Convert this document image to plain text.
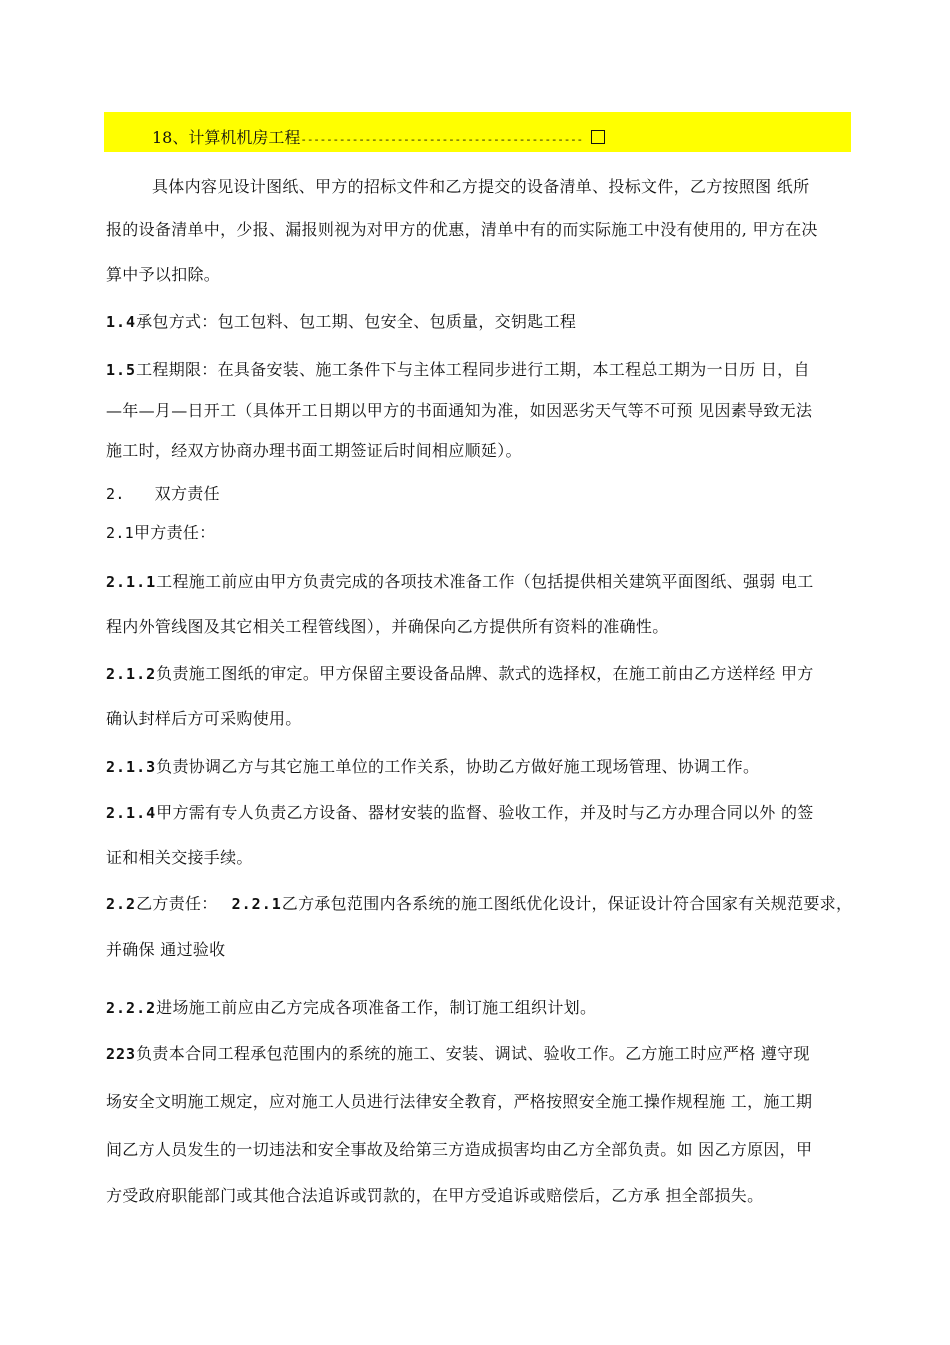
18、计算机机房工程--------------------------------------------
具体内容见设计图纸、甲方的招标文件和乙方提交的设备清单、投标文件，乙方按照图 纸所
报的设备清单中，少报、漏报则视为对甲方的优惠，清单中有的而实际施工中没有使用的, 甲方在决
算中予以扣除。
1.4承包方式：包工包料、包工期、包安全、包质量，交钥匙工程
1.5工程期限：在具备安装、施工条件下与主体工程同步进行工期，本工程总工期为一日历 日，自
—年—月—日开工（具体开工日期以甲方的书面通知为准，如因恶劣天气等不可预 见因素导致无法
施工时，经双方协商办理书面工期签证后时间相应顺延）。
2. 双方责任
2.1甲方责任：
2.1.1工程施工前应由甲方负责完成的各项技术准备工作（包括提供相关建筑平面图纸、强弱 电工
程内外管线图及其它相关工程管线图），并确保向乙方提供所有资料的准确性。
2.1.2负责施工图纸的审定。甲方保留主要设备品牌、款式的选择权，在施工前由乙方送样经 甲方
确认封样后方可采购使用。
2.1.3负责协调乙方与其它施工单位的工作关系，协助乙方做好施工现场管理、协调工作。
2.1.4甲方需有专人负责乙方设备、器材安装的监督、验收工作，并及时与乙方办理合同以外 的签
证和相关交接手续。
2.2乙方责任： 2.2.1乙方承包范围内各系统的施工图纸优化设计，保证设计符合国家有关规范要求，
并确保 通过验收
2.2.2进场施工前应由乙方完成各项准备工作，制订施工组织计划。
223负责本合同工程承包范围内的系统的施工、安装、调试、验收工作。乙方施工时应严格 遵守现
场安全文明施工规定，应对施工人员进行法律安全教育，严格按照安全施工操作规程施 工，施工期
间乙方人员发生的一切违法和安全事故及给第三方造成损害均由乙方全部负责。如 因乙方原因，甲
方受政府职能部门或其他合法追诉或罚款的，在甲方受追诉或赔偿后，乙方承 担全部损失。
